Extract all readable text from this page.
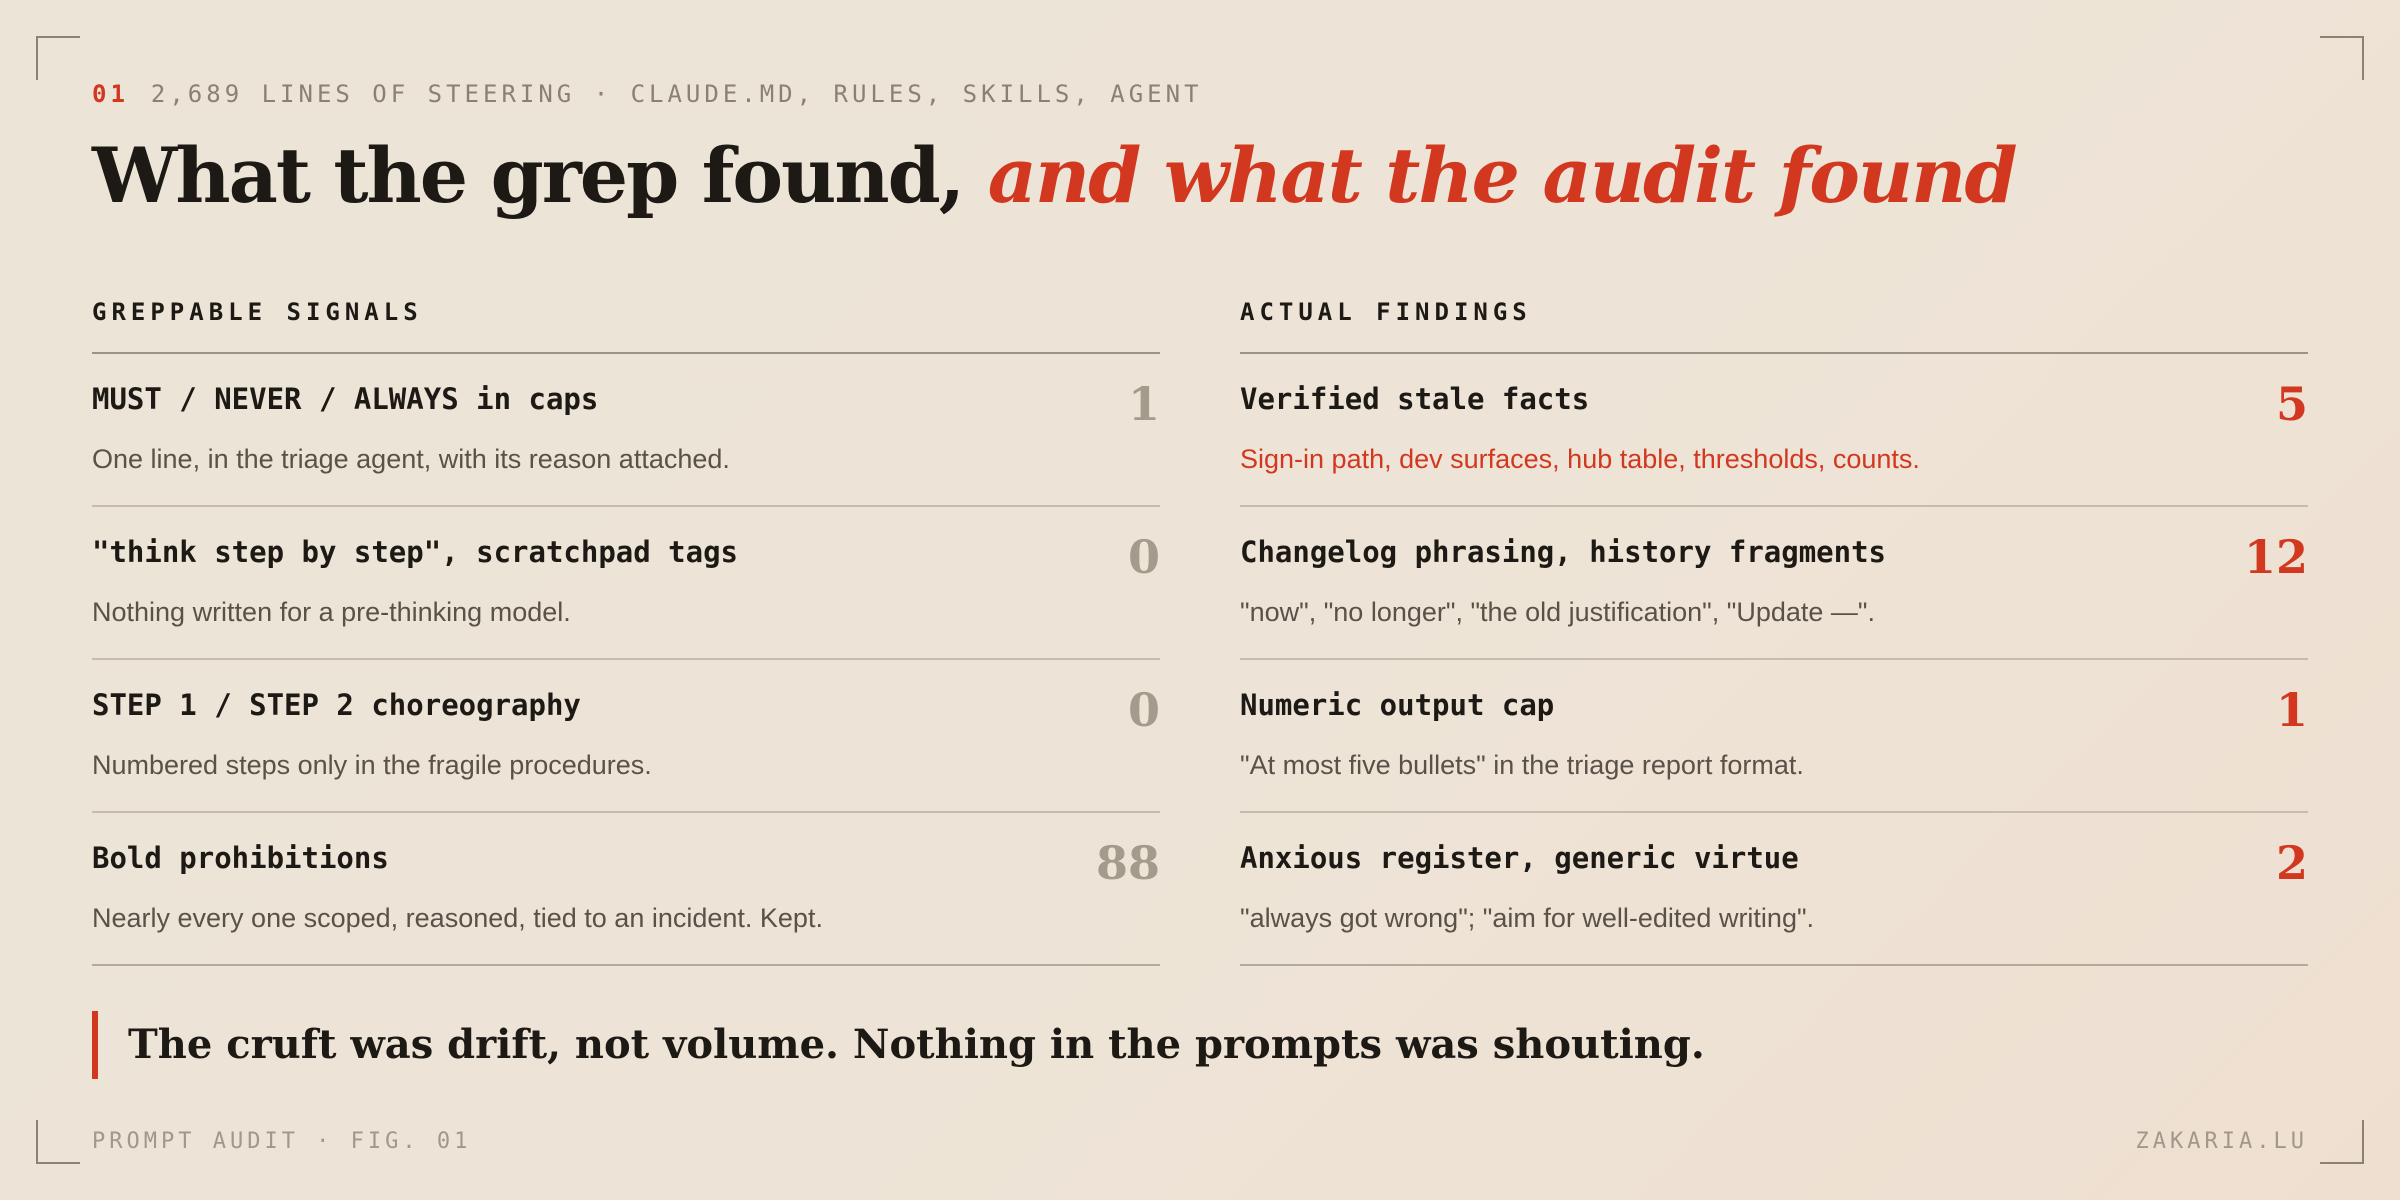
01 2,689 LINES OF STEERING · CLAUDE.MD, RULES, SKILLS, AGENT
What the grep found, and what the audit found
GREPPABLE SIGNALS
MUST / NEVER / ALWAYS in caps	1
One line, in the triage agent, with its reason attached.
"think step by step", scratchpad tags	0
Nothing written for a pre-thinking model.
STEP 1 / STEP 2 choreography	0
Numbered steps only in the fragile procedures.
Bold prohibitions	88
Nearly every one scoped, reasoned, tied to an incident. Kept.
ACTUAL FINDINGS
Verified stale facts	5
Sign-in path, dev surfaces, hub table, thresholds, counts.
Changelog phrasing, history fragments	12
"now", "no longer", "the old justification", "Update —".
Numeric output cap	1
"At most five bullets" in the triage report format.
Anxious register, generic virtue	2
"always got wrong"; "aim for well-edited writing".
The cruft was drift, not volume. Nothing in the prompts was shouting.
PROMPT AUDIT · FIG. 01	ZAKARIA.LU
